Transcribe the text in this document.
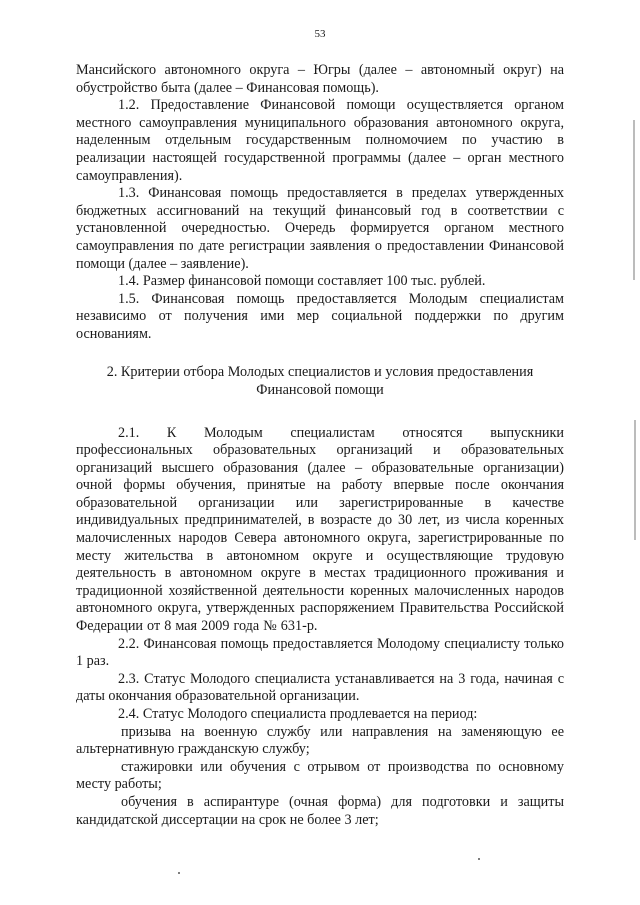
53

Мансийского автономного округа – Югры (далее – автономный округ) на обустройство быта (далее – Финансовая помощь).

1.2. Предоставление Финансовой помощи осуществляется органом местного самоуправления муниципального образования автономного округа, наделенным отдельным государственным полномочием по участию в реализации настоящей государственной программы (далее – орган местного самоуправления).

1.3. Финансовая помощь предоставляется в пределах утвержденных бюджетных ассигнований на текущий финансовый год в соответствии с установленной очередностью. Очередь формируется органом местного самоуправления по дате регистрации заявления о предоставлении Финансовой помощи (далее – заявление).

1.4. Размер финансовой помощи составляет 100 тыс. рублей.

1.5. Финансовая помощь предоставляется Молодым специалистам независимо от получения ими мер социальной поддержки по другим основаниям.

2. Критерии отбора Молодых специалистов и условия предоставления
Финансовой помощи

2.1. К Молодым специалистам относятся выпускники профессиональных образовательных организаций и образовательных организаций высшего образования (далее – образовательные организации) очной формы обучения, принятые на работу впервые после окончания образовательной организации или зарегистрированные в качестве индивидуальных предпринимателей, в возрасте до 30 лет, из числа коренных малочисленных народов Севера автономного округа, зарегистрированные по месту жительства в автономном округе и осуществляющие трудовую деятельность в автономном округе в местах традиционного проживания и традиционной хозяйственной деятельности коренных малочисленных народов автономного округа, утвержденных распоряжением Правительства Российской Федерации от 8 мая 2009 года № 631-р.

2.2. Финансовая помощь предоставляется Молодому специалисту только 1 раз.

2.3. Статус Молодого специалиста устанавливается на 3 года, начиная с даты окончания образовательной организации.

2.4. Статус Молодого специалиста продлевается на период:

призыва на военную службу или направления на заменяющую ее альтернативную гражданскую службу;

стажировки или обучения с отрывом от производства по основному месту работы;

обучения в аспирантуре (очная форма) для подготовки и защиты кандидатской диссертации на срок не более 3 лет;
